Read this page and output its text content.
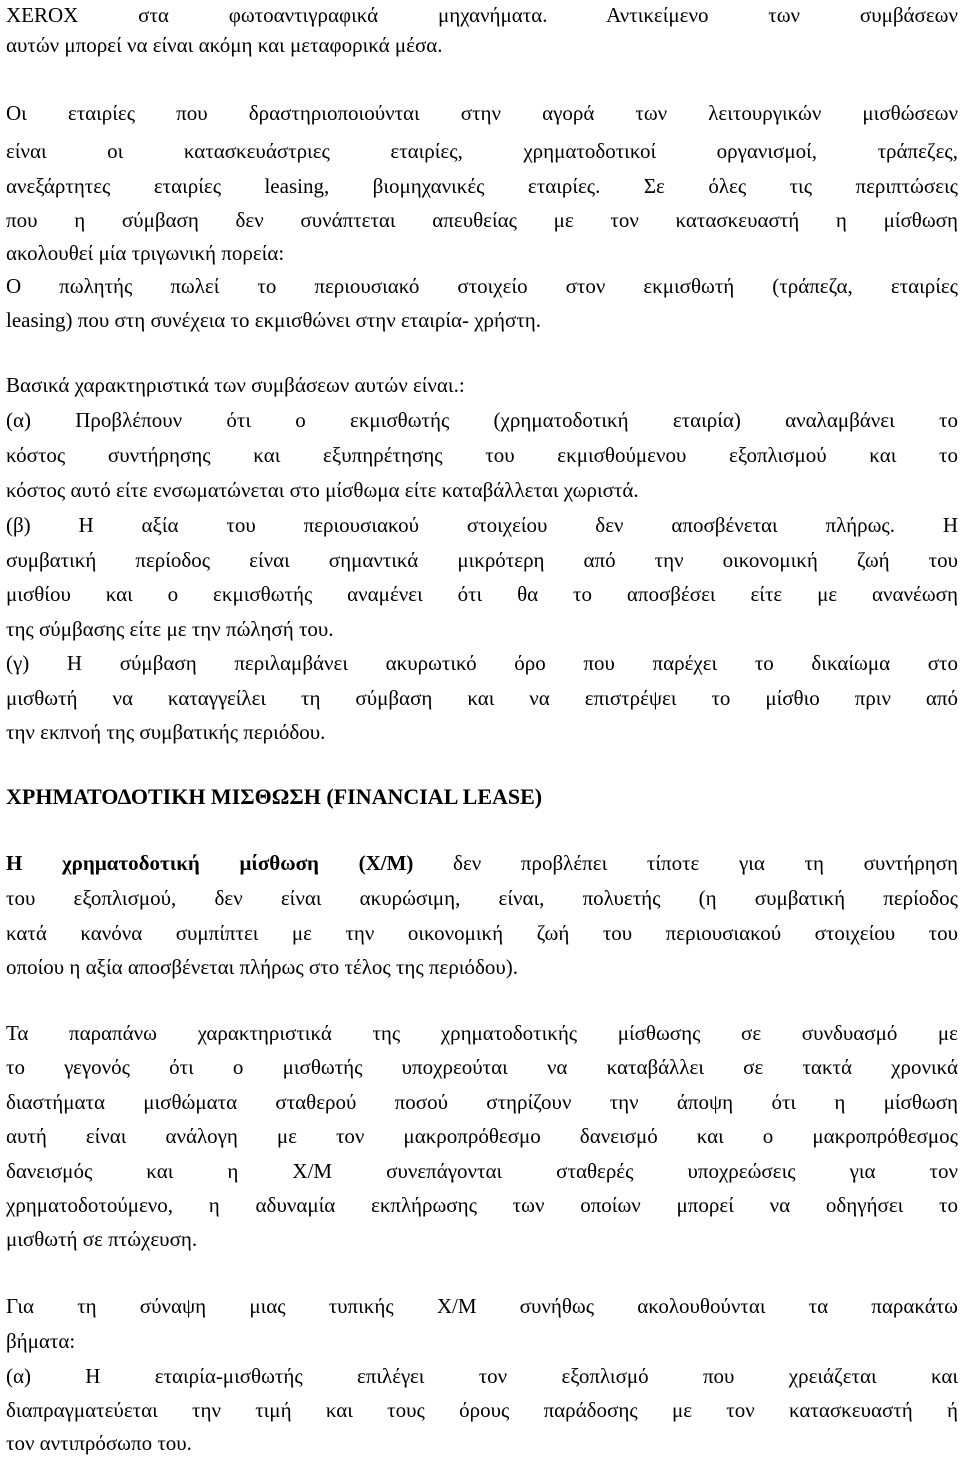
XEROX στα φωτοαντιγραφικά μηχανήματα. Αντικείμενο των συμβάσεων
αυτών μπορεί να είναι ακόμη και μεταφορικά μέσα.
Οι εταιρίες που δραστηριοποιούνται στην αγορά των λειτουργικών μισθώσεων
είναι οι κατασκευάστριες εταιρίες, χρηματοδοτικοί οργανισμοί, τράπεζες,
ανεξάρτητες εταιρίες leasing, βιομηχανικές εταιρίες. Σε όλες τις περιπτώσεις
που η σύμβαση δεν συνάπτεται απευθείας με τον κατασκευαστή η μίσθωση
ακολουθεί μία τριγωνική πορεία:
Ο πωλητής πωλεί το περιουσιακό στοιχείο στον εκμισθωτή (τράπεζα, εταιρίες
leasing) που στη συνέχεια το εκμισθώνει στην εταιρία- χρήστη.
Βασικά χαρακτηριστικά των συμβάσεων αυτών είναι.:
(α) Προβλέπουν ότι ο εκμισθωτής (χρηματοδοτική εταιρία) αναλαμβάνει το
κόστος συντήρησης και εξυπηρέτησης του εκμισθούμενου εξοπλισμού και το
κόστος αυτό είτε ενσωματώνεται στο μίσθωμα είτε καταβάλλεται χωριστά.
(β) Η αξία του περιουσιακού στοιχείου δεν αποσβένεται πλήρως. Η
συμβατική περίοδος είναι σημαντικά μικρότερη από την οικονομική ζωή του
μισθίου και ο εκμισθωτής αναμένει ότι θα το αποσβέσει είτε με ανανέωση
της σύμβασης είτε με την πώλησή του.
(γ) Η σύμβαση περιλαμβάνει ακυρωτικό όρο που παρέχει το δικαίωμα στο
μισθωτή να καταγγείλει τη σύμβαση και να επιστρέψει το μίσθιο πριν από
την εκπνοή της συμβατικής περιόδου.
ΧΡΗΜΑΤΟΔΟΤΙΚΗ ΜΙΣΘΩΣΗ (FINANCIAL LEASE)
Η χρηματοδοτική μίσθωση (Χ/Μ) δεν προβλέπει τίποτε για τη συντήρηση
του εξοπλισμού, δεν είναι ακυρώσιμη, είναι, πολυετής (η συμβατική περίοδος
κατά κανόνα συμπίπτει με την οικονομική ζωή του περιουσιακού στοιχείου του
οποίου η αξία αποσβένεται πλήρως στο τέλος της περιόδου).
Τα παραπάνω χαρακτηριστικά της χρηματοδοτικής μίσθωσης σε συνδυασμό με
το γεγονός ότι ο μισθωτής υποχρεούται να καταβάλλει σε τακτά χρονικά
διαστήματα μισθώματα σταθερού ποσού στηρίζουν την άποψη ότι η μίσθωση
αυτή είναι ανάλογη με τον μακροπρόθεσμο δανεισμό και ο μακροπρόθεσμος
δανεισμός και η Χ/Μ συνεπάγονται σταθερές υποχρεώσεις για τον
χρηματοδοτούμενο, η αδυναμία εκπλήρωσης των οποίων μπορεί να οδηγήσει το
μισθωτή σε πτώχευση.
Για τη σύναψη μιας τυπικής Χ/Μ συνήθως ακολουθούνται τα παρακάτω
βήματα:
(α) Η εταιρία-μισθωτής επιλέγει τον εξοπλισμό που χρειάζεται και
διαπραγματεύεται την τιμή και τους όρους παράδοσης με τον κατασκευαστή ή
τον αντιπρόσωπο του.
